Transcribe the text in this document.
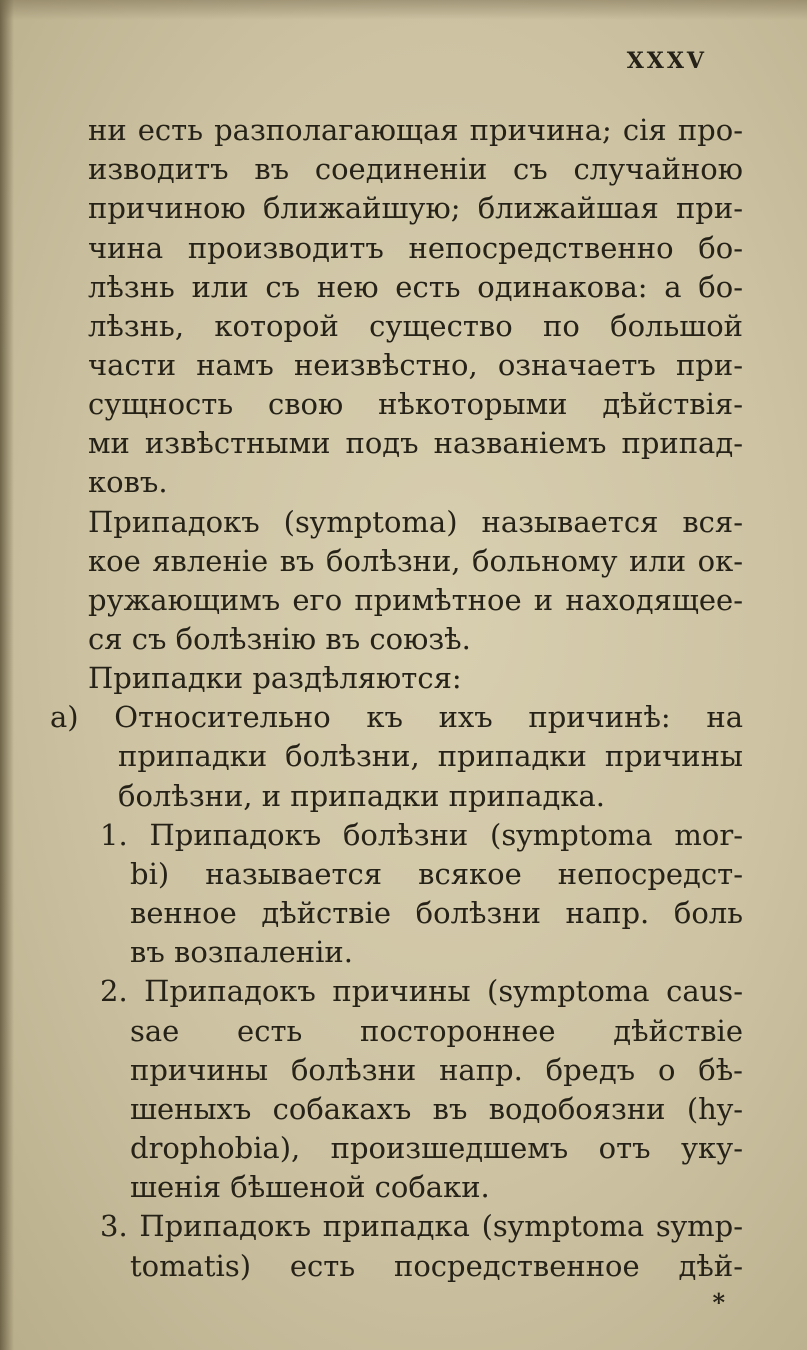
XXXV
ни есть разполагающая причина; сія про-
изводитъ въ соединеніи съ случайною
причиною ближайшую; ближайшая при-
чина производитъ непосредственно бо-
лѣзнь или съ нею есть одинакова: а бо-
лѣзнь, которой существо по большой
части намъ неизвѣстно, означаетъ при-
сущность свою нѣкоторыми дѣйствія-
ми извѣстными подъ названіемъ припад-
ковъ.
Припадокъ (symptoma) называется вся-
кое явленіе въ болѣзни, больному или ок-
ружающимъ его примѣтное и находящее-
ся съ болѣзнію въ союзѣ.
Припадки раздѣляются:
а) Относительно къ ихъ причинѣ: на
припадки болѣзни, припадки причины
болѣзни, и припадки припадка.
1. Припадокъ болѣзни (symptoma mor-
bi) называется всякое непосредст-
венное дѣйствіе болѣзни напр. боль
въ возпаленіи.
2. Припадокъ причины (symptoma caus-
sae есть постороннее дѣйствіе
причины болѣзни напр. бредъ о бѣ-
шеныхъ собакахъ въ водобоязни (hy-
drophobia), произшедшемъ отъ уку-
шенія бѣшеной собаки.
3. Припадокъ припадка (symptoma symp-
tomatis) есть посредственное дѣй-
*
